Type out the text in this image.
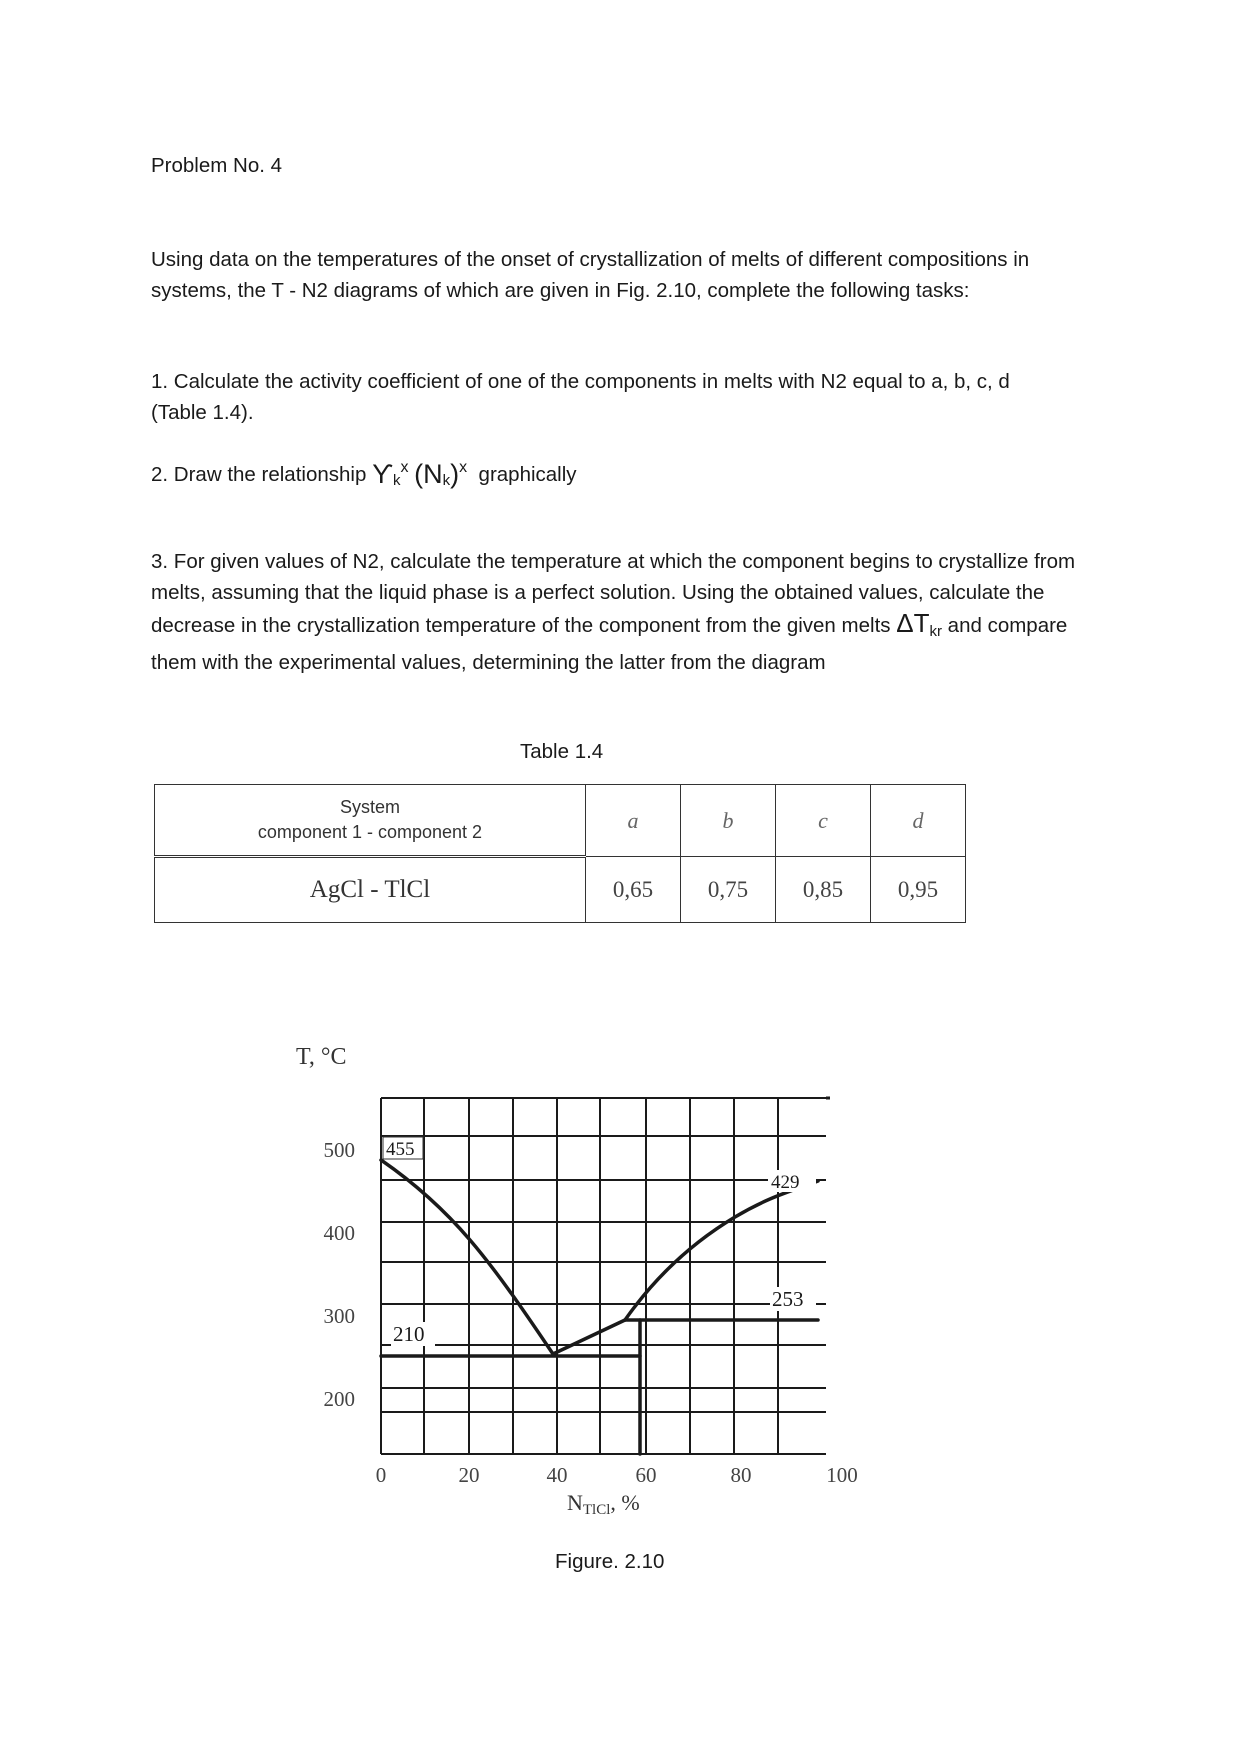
Problem No. 4
Using data on the temperatures of the onset of crystallization of melts of different compositions in systems, the T - N2 diagrams of which are given in Fig. 2.10, complete the following tasks:
1. Calculate the activity coefficient of one of the components in melts with N2 equal to a, b, c, d (Table 1.4).
2. Draw the relationship $ϒ_k^x$ $(N_k)^x$ graphically
3. For given values of N2, calculate the temperature at which the component begins to crystallize from melts, assuming that the liquid phase is a perfect solution. Using the obtained values, calculate the decrease in the crystallization temperature of the component from the given melts $\Delta T_{kr}$ and compare them with the experimental values, determining the latter from the diagram
Table 1.4
System
component 1 - component 2	a	b	c	d
AgCl - TlCl	0,65	0,75	0,85	0,95
T, °C
500
400
300
200
0	20	40	60	80	100
NTlCl, %
455
429
253
210
Figure. 2.10
